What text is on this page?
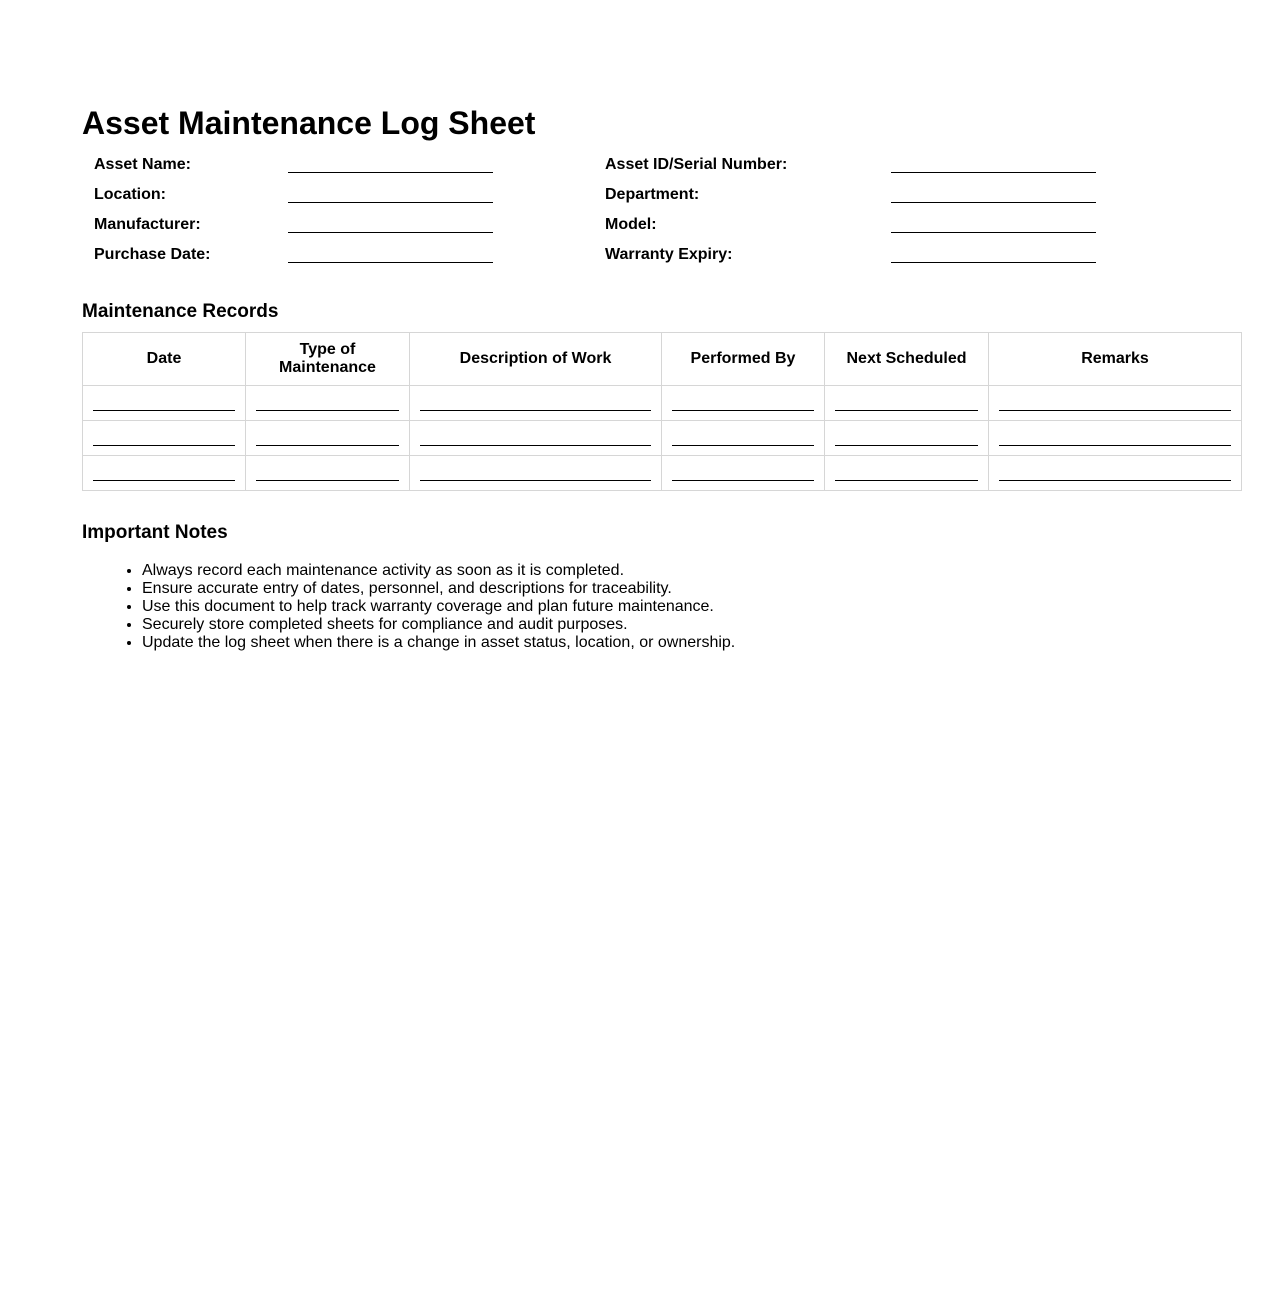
Asset Maintenance Log Sheet
Asset Name:
Location:
Manufacturer:
Purchase Date:
Asset ID/Serial Number:
Department:
Model:
Warranty Expiry:
Maintenance Records
Date	Type of Maintenance	Description of Work	Performed By	Next Scheduled	Remarks

Important Notes
• Always record each maintenance activity as soon as it is completed.
• Ensure accurate entry of dates, personnel, and descriptions for traceability.
• Use this document to help track warranty coverage and plan future maintenance.
• Securely store completed sheets for compliance and audit purposes.
• Update the log sheet when there is a change in asset status, location, or ownership.
